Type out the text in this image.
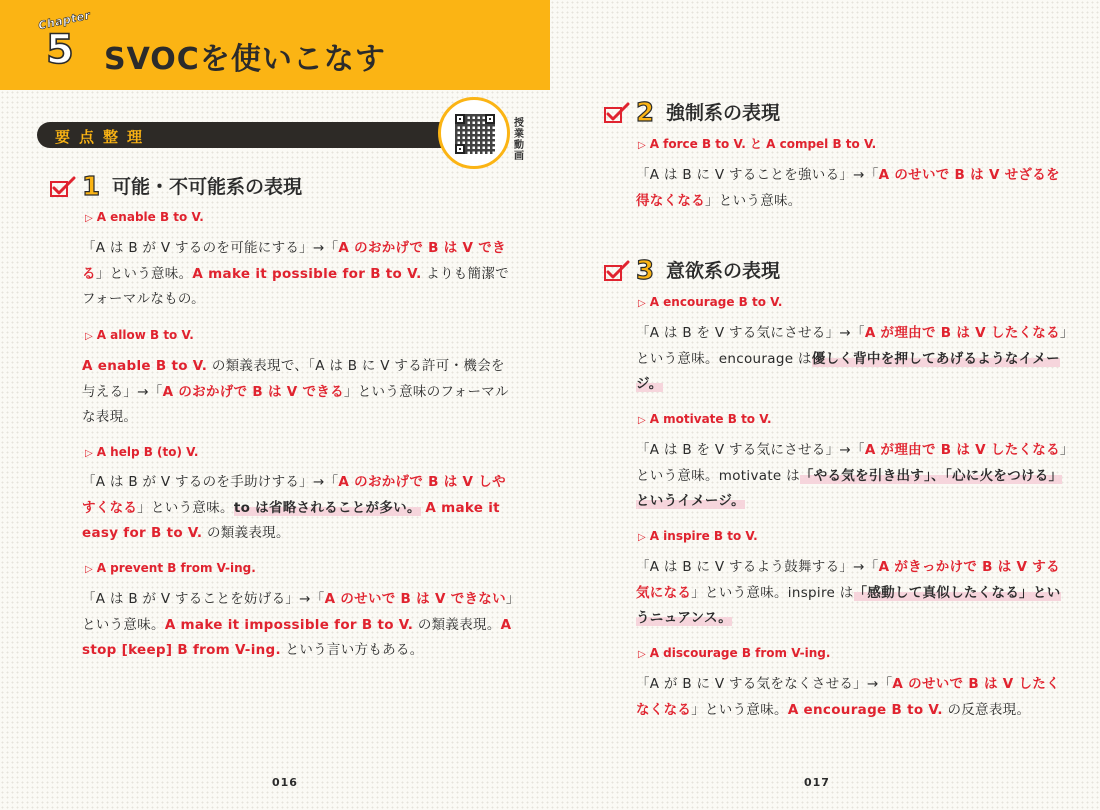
Chapter
5 SVOCを使いこなす
要点整理
授業動画
1 可能・不可能系の表現
▷ A enable B to V.
「A は B が V するのを可能にする」→「A のおかげで B は V できる」という意味。A make it possible for B to V. よりも簡潔でフォーマルなもの。
▷ A allow B to V.
A enable B to V. の類義表現で、「A は B に V する許可・機会を与える」→「A のおかげで B は V できる」という意味のフォーマルな表現。
▷ A help B (to) V.
「A は B が V するのを手助けする」→「A のおかげで B は V しやすくなる」という意味。to は省略されることが多い。 A make it easy for B to V. の類義表現。
▷ A prevent B from V-ing.
「A は B が V することを妨げる」→「A のせいで B は V できない」という意味。A make it impossible for B to V. の類義表現。A stop [keep] B from V-ing. という言い方もある。
016
2 強制系の表現
▷ A force B to V. と A compel B to V.
「A は B に V することを強いる」→「A のせいで B は V せざるを得なくなる」という意味。
3 意欲系の表現
▷ A encourage B to V.
「A は B を V する気にさせる」→「A が理由で B は V したくなる」という意味。encourage は優しく背中を押してあげるようなイメージ。
▷ A motivate B to V.
「A は B を V する気にさせる」→「A が理由で B は V したくなる」という意味。motivate は「やる気を引き出す」、「心に火をつける」というイメージ。
▷ A inspire B to V.
「A は B に V するよう鼓舞する」→「A がきっかけで B は V する気になる」という意味。inspire は「感動して真似したくなる」というニュアンス。
▷ A discourage B from V-ing.
「A が B に V する気をなくさせる」→「A のせいで B は V したくなくなる」という意味。A encourage B to V. の反意表現。
017
